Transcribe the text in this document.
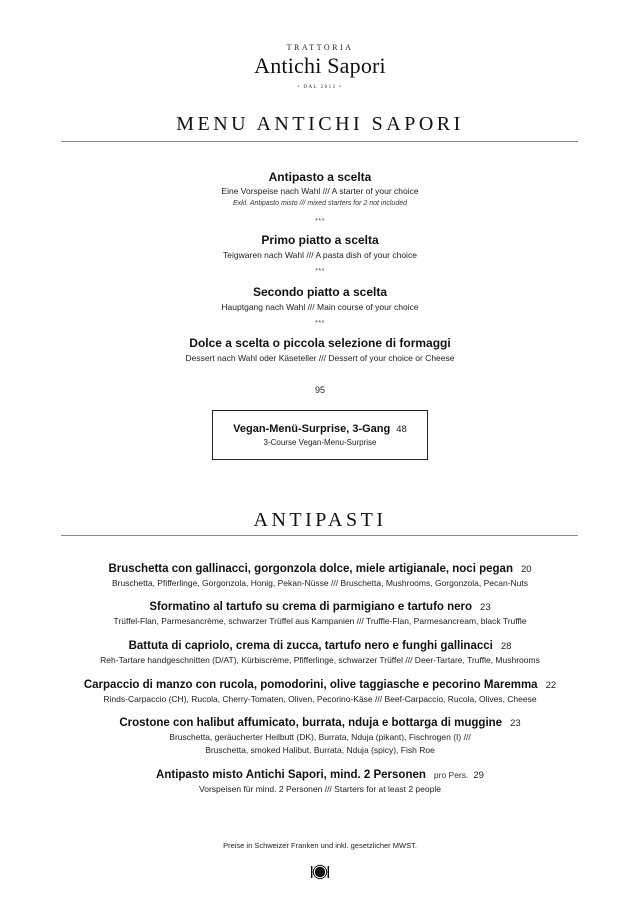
TRATTORIA
Antichi Sapori
• DAL 2012 •
MENU ANTICHI SAPORI
Antipasto a scelta
Eine Vorspeise nach Wahl /// A starter of your choice
Exkl. Antipasto misto /// mixed starters for 2 not included
***
Primo piatto a scelta
Teigwaren nach Wahl /// A pasta dish of your choice
***
Secondo piatto a scelta
Hauptgang nach Wahl /// Main course of your choice
***
Dolce a scelta o piccola selezione di formaggi
Dessert nach Wahl oder Käseteller /// Dessert of your choice or Cheese
95
Vegan-Menü-Surprise, 3-Gang 48
3-Course Vegan-Menu-Surprise
ANTIPASTI
Bruschetta con gallinacci, gorgonzola dolce, miele artigianale, noci pegan 20
Bruschetta, Pfifferlinge, Gorgonzola, Honig, Pekan-Nüsse /// Bruschetta, Mushrooms, Gorgonzola, Pecan-Nuts
Sformatino al tartufo su crema di parmigiano e tartufo nero 23
Trüffel-Flan, Parmesancrème, schwarzer Trüffel aus Kampanien /// Truffle-Flan, Parmesancream, black Truffle
Battuta di capriolo, crema di zucca, tartufo nero e funghi gallinacci 28
Reh-Tartare handgeschnitten (D/AT), Kürbiscrème, Pfifferlinge, schwarzer Trüffel /// Deer-Tartare, Truffle, Mushrooms
Carpaccio di manzo con rucola, pomodorini, olive taggiasche e pecorino Maremma 22
Rinds-Carpaccio (CH), Rucola, Cherry-Tomaten, Oliven, Pecorino-Käse /// Beef-Carpaccio, Rucola, Olives, Cheese
Crostone con halibut affumicato, burrata, nduja e bottarga di muggine 23
Bruschetta, geräucherter Heilbutt (DK), Burrata, Nduja (pikant), Fischrogen (I) ///
Bruschetta, smoked Halibut, Burrata, Nduja (spicy), Fish Roe
Antipasto misto Antichi Sapori, mind. 2 Personen pro Pers. 29
Vorspeisen für mind. 2 Personen /// Starters for at least 2 people
Preise in Schweizer Franken und inkl. gesetzlicher MWST.
